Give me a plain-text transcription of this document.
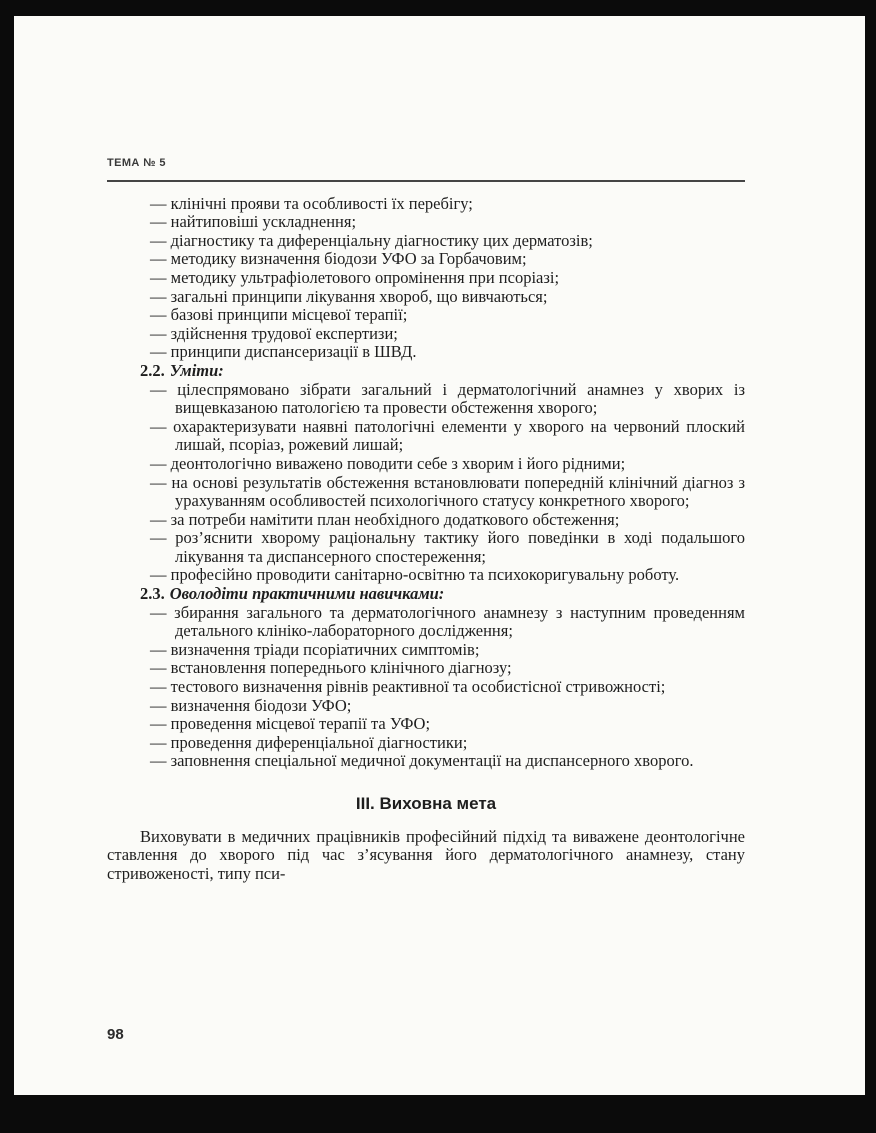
ТЕМА № 5
— клінічні прояви та особливості їх перебігу;
— найтиповіші ускладнення;
— діагностику та диференціальну діагностику цих дерматозів;
— методику визначення біодози УФО за Горбачовим;
— методику ультрафіолетового опромінення при псоріазі;
— загальні принципи лікування хвороб, що вивчаються;
— базові принципи місцевої терапії;
— здійснення трудової експертизи;
— принципи диспансеризації в ШВД.
2.2. Уміти:
— цілеспрямовано зібрати загальний і дерматологічний анамнез у хворих із вищевказаною патологією та провести обстеження хворого;
— охарактеризувати наявні патологічні елементи у хворого на червоний плоский лишай, псоріаз, рожевий лишай;
— деонтологічно виважено поводити себе з хворим і його рідними;
— на основі результатів обстеження встановлювати попередній клінічний діагноз з урахуванням особливостей психологічного статусу конкретного хворого;
— за потреби намітити план необхідного додаткового обстеження;
— роз’яснити хворому раціональну тактику його поведінки в ході подальшого лікування та диспансерного спостереження;
— професійно проводити санітарно-освітню та психокоригувальну роботу.
2.3. Оволодіти практичними навичками:
— збирання загального та дерматологічного анамнезу з наступним проведенням детального клініко-лабораторного дослідження;
— визначення тріади псоріатичних симптомів;
— встановлення попереднього клінічного діагнозу;
— тестового визначення рівнів реактивної та особистісної стривожності;
— визначення біодози УФО;
— проведення місцевої терапії та УФО;
— проведення диференціальної діагностики;
— заповнення спеціальної медичної документації на диспансерного хворого.
III. Виховна мета

Виховувати в медичних працівників професійний підхід та виважене деонтологічне ставлення до хворого під час з’ясування його дерматологічного анамнезу, стану стривоженості, типу пси-

98
